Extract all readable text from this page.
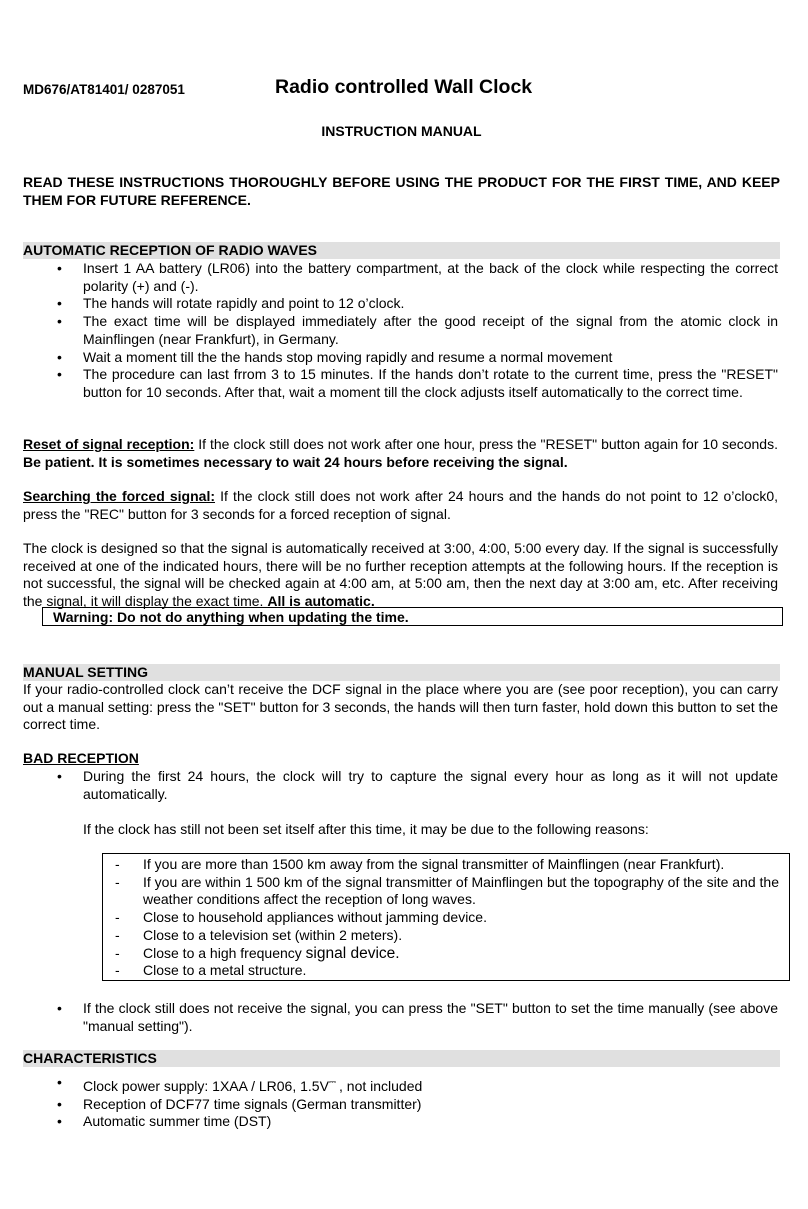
MD676/AT81401/ 0287051	Radio controlled Wall Clock
INSTRUCTION MANUAL
READ THESE INSTRUCTIONS THOROUGHLY BEFORE USING THE PRODUCT FOR THE FIRST TIME, AND KEEP THEM FOR FUTURE REFERENCE.
AUTOMATIC RECEPTION OF RADIO WAVES
• Insert 1 AA battery (LR06) into the battery compartment, at the back of the clock while respecting the correct polarity (+) and (-).
• The hands will rotate rapidly and point to 12 o’clock.
• The exact time will be displayed immediately after the good receipt of the signal from the atomic clock in Mainflingen (near Frankfurt), in Germany.
• Wait a moment till the the hands stop moving rapidly and resume a normal movement
• The procedure can last frrom 3 to 15 minutes. If the hands don’t rotate to the current time, press the "RESET" button for 10 seconds. After that, wait a moment till the clock adjusts itself automatically to the correct time.
Reset of signal reception: If the clock still does not work after one hour, press the "RESET" button again for 10 seconds. Be patient. It is sometimes necessary to wait 24 hours before receiving the signal.
Searching the forced signal: If the clock still does not work after 24 hours and the hands do not point to 12 o’clock0, press the "REC" button for 3 seconds for a forced reception of signal.
The clock is designed so that the signal is automatically received at 3:00, 4:00, 5:00 every day. If the signal is successfully received at one of the indicated hours, there will be no further reception attempts at the following hours. If the reception is not successful, the signal will be checked again at 4:00 am, at 5:00 am, then the next day at 3:00 am, etc. After receiving the signal, it will display the exact time. All is automatic.
MANUAL SETTING
If your radio-controlled clock can’t receive the DCF signal in the place where you are (see poor reception), you can carry out a manual setting: press the "SET" button for 3 seconds, the hands will then turn faster, hold down this button to set the correct time.
BAD RECEPTION
• During the first 24 hours, the clock will try to capture the signal every hour as long as it will not update automatically.
If the clock has still not been set itself after this time, it may be due to the following reasons:
CHARACTERISTICS
• Clock power supply: 1XAA / LR06, 1.5V⎓ , not included
• Reception of DCF77 time signals (German transmitter)
• Automatic summer time (DST)
Warning: Do not do anything when updating the time.
- If you are more than 1500 km away from the signal transmitter of Mainflingen (near Frankfurt).
- If you are within 1 500 km of the signal transmitter of Mainflingen but the topography of the site and the weather conditions affect the reception of long waves.
- Close to household appliances without jamming device.
- Close to a television set (within 2 meters).
- Close to a high frequency signal device.
- Close to a metal structure.
• If the clock still does not receive the signal, you can press the "SET" button to set the time manually (see above "manual setting").
